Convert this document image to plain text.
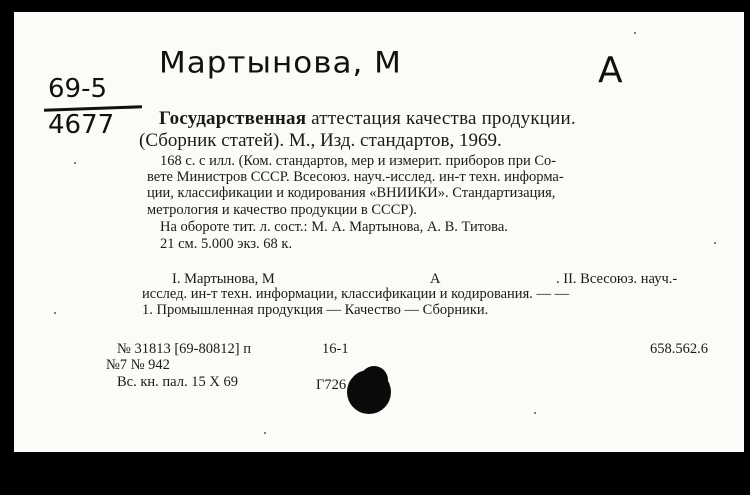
Мартынова, М	A
69-5
4677 Государственная аттестация качества продукции.
(Сборник статей). М., Изд. стандартов, 1969.
168 с. с илл. (Ком. стандартов, мер и измерит. приборов при Со-
вете Министров СССР. Всесоюз. науч.-исслед. ин-т техн. информа-
ции, классификации и кодирования «ВНИИКИ». Стандартизация,
метрология и качество продукции в СССР).
На обороте тит. л. сост.: М. А. Мартынова, А. В. Титова.
21 см. 5.000 экз. 68 к.
I. Мартынова, М	A	. II. Всесоюз. науч.-
исслед. ин-т техн. информации, классификации и кодирования. — —
1. Промышленная продукция — Качество — Сборники.
№ 31813 [69-80812] п	16-1	658.562.6
№7 № 942
Вс. кн. пал. 15 X 69	Г726
